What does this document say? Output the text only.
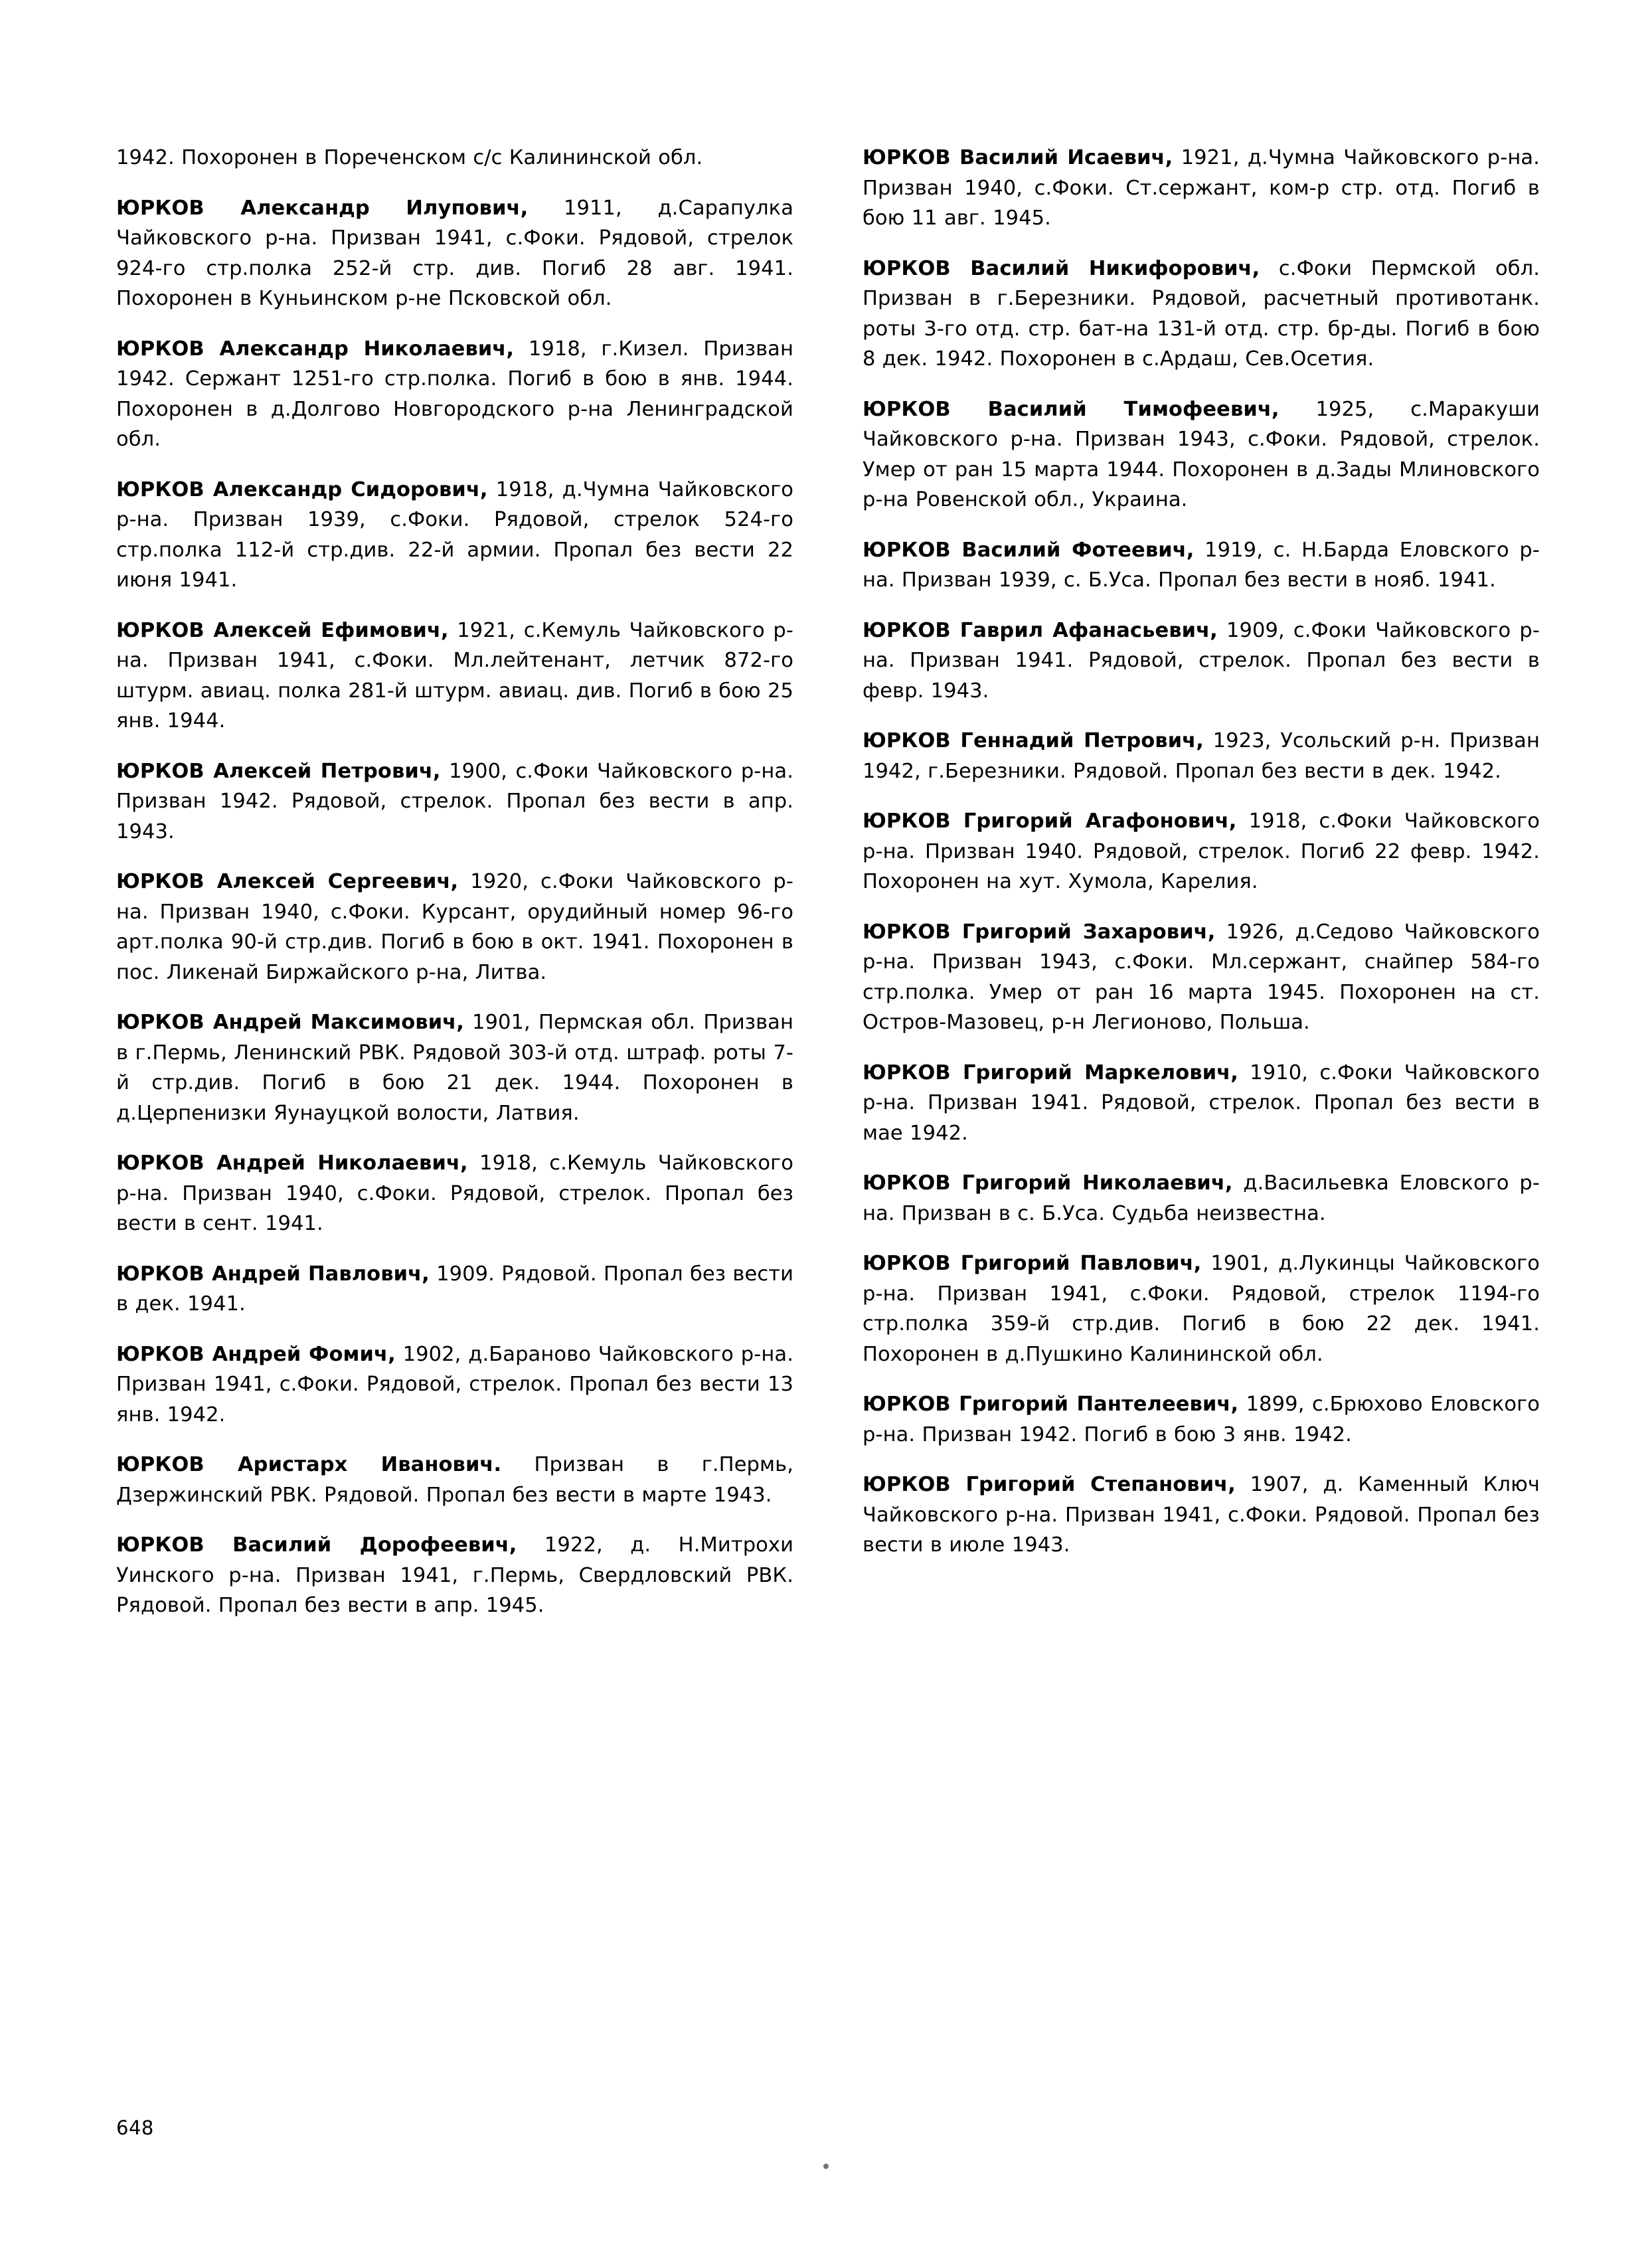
1942. Похоронен в Пореченском с/с Калининской обл.

ЮРКОВ Александр Илупович, 1911, д.Сарапулка Чайковского р-на. Призван 1941, с.Фоки. Рядовой, стрелок 924-го стр.полка 252-й стр. див. Погиб 28 авг. 1941. Похоронен в Куньинском р-не Псковской обл.

ЮРКОВ Александр Николаевич, 1918, г.Кизел. Призван 1942. Сержант 1251-го стр.полка. Погиб в бою в янв. 1944. Похоронен в д.Долгово Новгородского р-на Ленинградской обл.

ЮРКОВ Александр Сидорович, 1918, д.Чумна Чайковского р-на. Призван 1939, с.Фоки. Рядовой, стрелок 524-го стр.полка 112-й стр.див. 22-й армии. Пропал без вести 22 июня 1941.

ЮРКОВ Алексей Ефимович, 1921, с.Кемуль Чайковского р-на. Призван 1941, с.Фоки. Мл.лейтенант, летчик 872-го штурм. авиац. полка 281-й штурм. авиац. див. Погиб в бою 25 янв. 1944.

ЮРКОВ Алексей Петрович, 1900, с.Фоки Чайковского р-на. Призван 1942. Рядовой, стрелок. Пропал без вести в апр. 1943.

ЮРКОВ Алексей Сергеевич, 1920, с.Фоки Чайковского р-на. Призван 1940, с.Фоки. Курсант, орудийный номер 96-го арт.полка 90-й стр.див. Погиб в бою в окт. 1941. Похоронен в пос. Ликенай Биржайского р-на, Литва.

ЮРКОВ Андрей Максимович, 1901, Пермская обл. Призван в г.Пермь, Ленинский РВК. Рядовой 303-й отд. штраф. роты 7-й стр.див. Погиб в бою 21 дек. 1944. Похоронен в д.Церпенизки Яунауцкой волости, Латвия.

ЮРКОВ Андрей Николаевич, 1918, с.Кемуль Чайковского р-на. Призван 1940, с.Фоки. Рядовой, стрелок. Пропал без вести в сент. 1941.

ЮРКОВ Андрей Павлович, 1909. Рядовой. Пропал без вести в дек. 1941.

ЮРКОВ Андрей Фомич, 1902, д.Бараново Чайковского р-на. Призван 1941, с.Фоки. Рядовой, стрелок. Пропал без вести 13 янв. 1942.

ЮРКОВ Аристарх Иванович. Призван в г.Пермь, Дзержинский РВК. Рядовой. Пропал без вести в марте 1943.

ЮРКОВ Василий Дорофеевич, 1922, д. Н.Митрохи Уинского р-на. Призван 1941, г.Пермь, Свердловский РВК. Рядовой. Пропал без вести в апр. 1945.

ЮРКОВ Василий Исаевич, 1921, д.Чумна Чайковского р-на. Призван 1940, с.Фоки. Ст.сержант, ком-р стр. отд. Погиб в бою 11 авг. 1945.

ЮРКОВ Василий Никифорович, с.Фоки Пермской обл. Призван в г.Березники. Рядовой, расчетный противотанк. роты 3-го отд. стр. бат-на 131-й отд. стр. бр-ды. Погиб в бою 8 дек. 1942. Похоронен в с.Ардаш, Сев.Осетия.

ЮРКОВ Василий Тимофеевич, 1925, с.Маракуши Чайковского р-на. Призван 1943, с.Фоки. Рядовой, стрелок. Умер от ран 15 марта 1944. Похоронен в д.Зады Млиновского р-на Ровенской обл., Украина.

ЮРКОВ Василий Фотеевич, 1919, с. Н.Барда Еловского р-на. Призван 1939, с. Б.Уса. Пропал без вести в нояб. 1941.

ЮРКОВ Гаврил Афанасьевич, 1909, с.Фоки Чайковского р-на. Призван 1941. Рядовой, стрелок. Пропал без вести в февр. 1943.

ЮРКОВ Геннадий Петрович, 1923, Усольский р-н. Призван 1942, г.Березники. Рядовой. Пропал без вести в дек. 1942.

ЮРКОВ Григорий Агафонович, 1918, с.Фоки Чайковского р-на. Призван 1940. Рядовой, стрелок. Погиб 22 февр. 1942. Похоронен на хут. Хумола, Карелия.

ЮРКОВ Григорий Захарович, 1926, д.Седово Чайковского р-на. Призван 1943, с.Фоки. Мл.сержант, снайпер 584-го стр.полка. Умер от ран 16 марта 1945. Похоронен на ст. Остров-Мазовец, р-н Легионово, Польша.

ЮРКОВ Григорий Маркелович, 1910, с.Фоки Чайковского р-на. Призван 1941. Рядовой, стрелок. Пропал без вести в мае 1942.

ЮРКОВ Григорий Николаевич, д.Васильевка Еловского р-на. Призван в с. Б.Уса. Судьба неизвестна.

ЮРКОВ Григорий Павлович, 1901, д.Лукинцы Чайковского р-на. Призван 1941, с.Фоки. Рядовой, стрелок 1194-го стр.полка 359-й стр.див. Погиб в бою 22 дек. 1941. Похоронен в д.Пушкино Калининской обл.

ЮРКОВ Григорий Пантелеевич, 1899, с.Брюхово Еловского р-на. Призван 1942. Погиб в бою 3 янв. 1942.

ЮРКОВ Григорий Степанович, 1907, д. Каменный Ключ Чайковского р-на. Призван 1941, с.Фоки. Рядовой. Пропал без вести в июле 1943.

648
